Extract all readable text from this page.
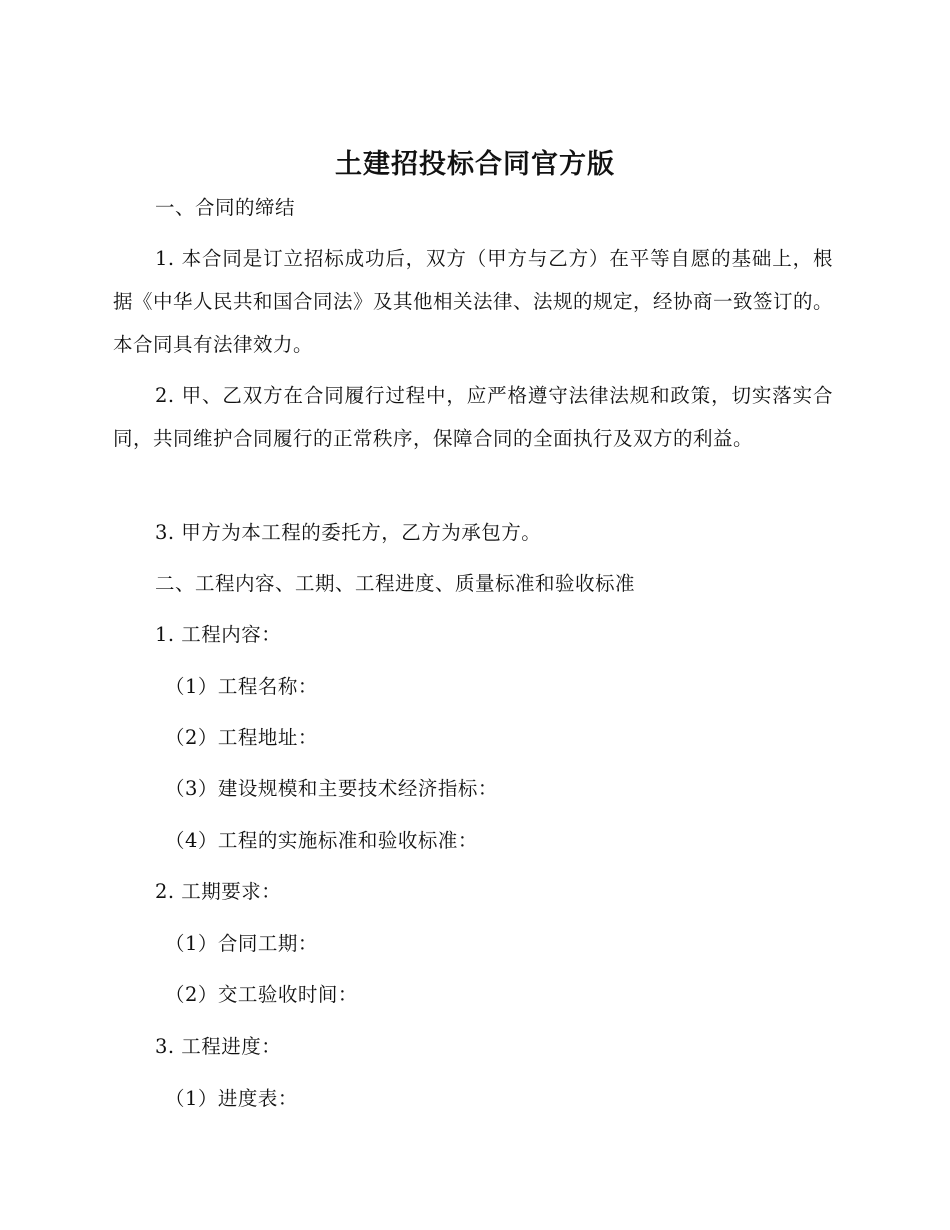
土建招投标合同官方版

一、合同的缔结

1. 本合同是订立招标成功后，双方（甲方与乙方）在平等自愿的基础上，根据《中华人民共和国合同法》及其他相关法律、法规的规定，经协商一致签订的。 本合同具有法律效力。

2. 甲、乙双方在合同履行过程中，应严格遵守法律法规和政策，切实落实合同，共同维护合同履行的正常秩序，保障合同的全面执行及双方的利益。

3. 甲方为本工程的委托方，乙方为承包方。

二、工程内容、工期、工程进度、质量标准和验收标准

1. 工程内容：

（1）工程名称：

（2）工程地址：

（3）建设规模和主要技术经济指标：

（4）工程的实施标准和验收标准：

2. 工期要求：

（1）合同工期：

（2）交工验收时间：

3. 工程进度：

（1）进度表：
